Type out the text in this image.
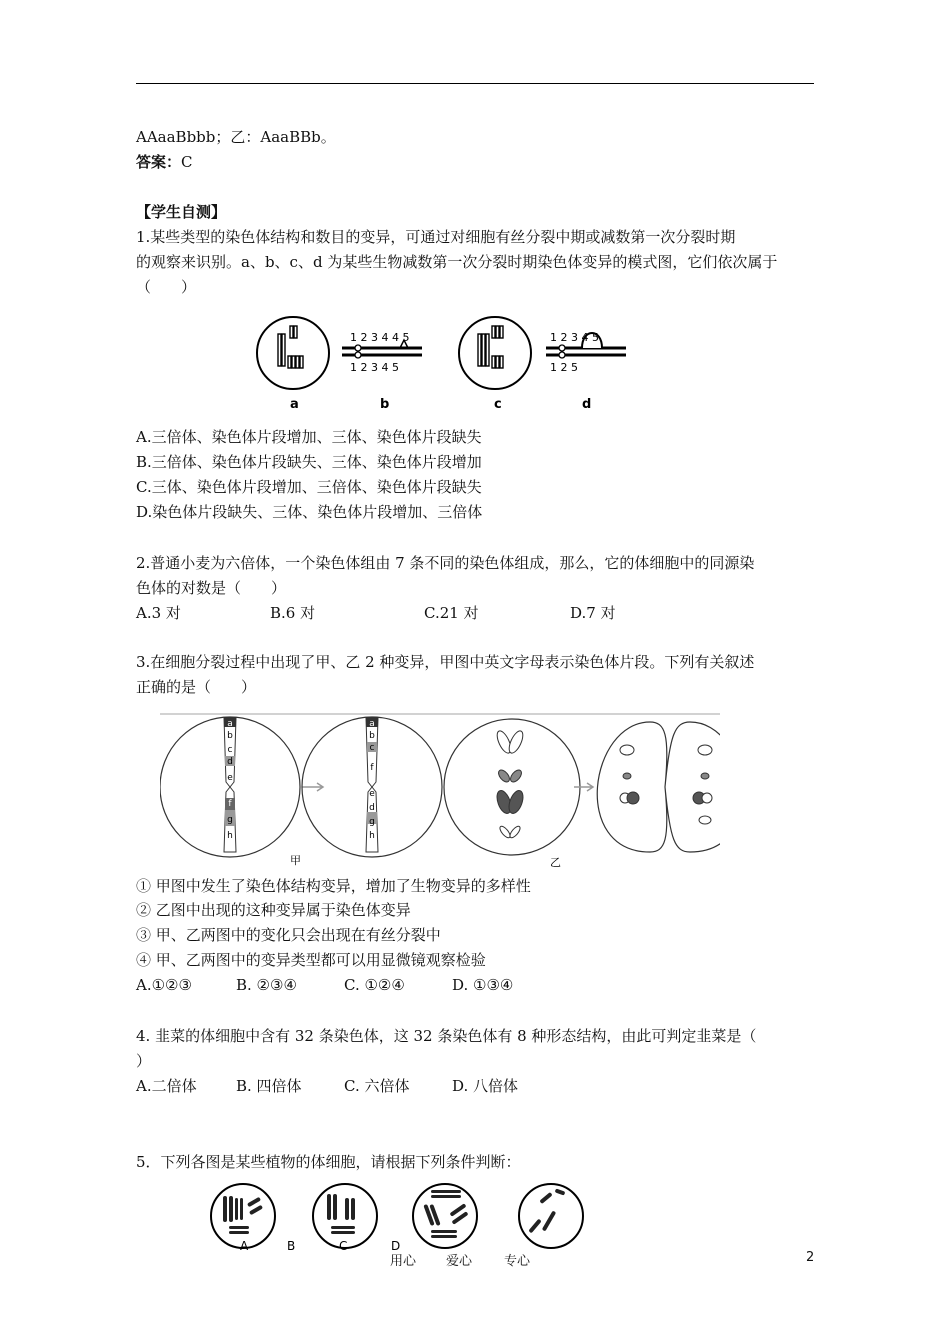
AAaaBbbb；乙：AaaBBb。
答案：C
【学生自测】
1.某些类型的染色体结构和数目的变异，可通过对细胞有丝分裂中期或减数第一次分裂时期
的观察来识别。a、b、c、d 为某些生物减数第一次分裂时期染色体变异的模式图，它们依次属于
（　　）
1 2 3 4 4 5
1 2 3 4 5
1 2 3 4 5
1 2 5
a	b	c	d
A.三倍体、染色体片段增加、三体、染色体片段缺失
B.三倍体、染色体片段缺失、三体、染色体片段增加
C.三体、染色体片段增加、三倍体、染色体片段缺失
D.染色体片段缺失、三体、染色体片段增加、三倍体
2.普通小麦为六倍体，一个染色体组由 7 条不同的染色体组成，那么，它的体细胞中的同源染
色体的对数是（　　）
A.3 对	B.6 对	C.21 对	D.7 对
3.在细胞分裂过程中出现了甲、乙 2 种变异，甲图中英文字母表示染色体片段。下列有关叙述
正确的是（　　）
a
b
c
d
e
f
g
h
a
b
c
f
e
d
g
h
甲	乙
① 甲图中发生了染色体结构变异，增加了生物变异的多样性
② 乙图中出现的这种变异属于染色体变异
③ 甲、乙两图中的变化只会出现在有丝分裂中
④ 甲、乙两图中的变异类型都可以用显微镜观察检验
A.①②③	B. ②③④	C. ①②④	D. ①③④
4. 韭菜的体细胞中含有 32 条染色体，这 32 条染色体有 8 种形态结构，由此可判定韭菜是（
）
A.二倍体	B. 四倍体	C. 六倍体	D. 八倍体
5．下列各图是某些植物的体细胞，请根据下列条件判断：
A	B	C	D
用心 爱心 专心	2
